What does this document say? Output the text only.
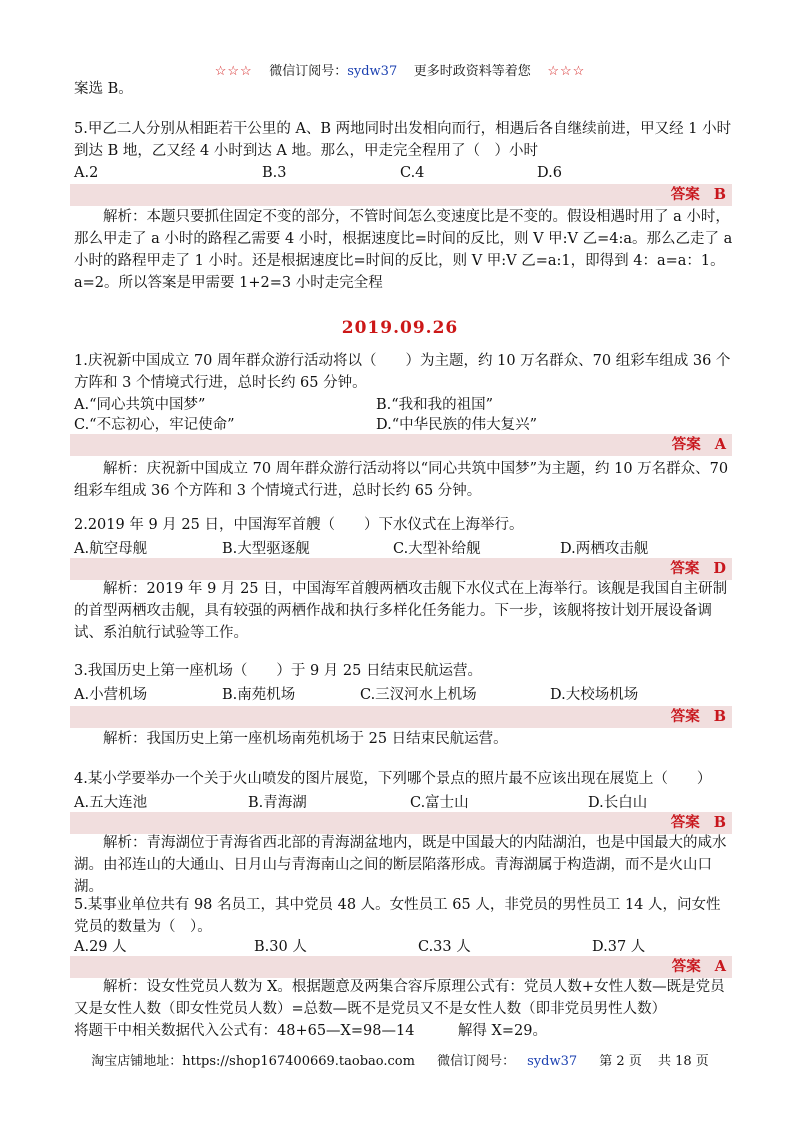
☆☆☆ 微信订阅号：sydw37 更多时政资料等着您 ☆☆☆
案选 B。
5.甲乙二人分别从相距若干公里的 A、B 两地同时出发相向而行，相遇后各自继续前进，甲又经 1 小时到达 B 地，乙又经 4 小时到达 A 地。那么，甲走完全程用了（　）小时
A.2	B.3	C.4	D.6
答案 B
解析：本题只要抓住固定不变的部分，不管时间怎么变速度比是不变的。假设相遇时用了 a 小时，那么甲走了 a 小时的路程乙需要 4 小时，根据速度比=时间的反比，则 V 甲:V 乙=4:a。那么乙走了 a 小时的路程甲走了 1 小时。还是根据速度比=时间的反比，则 V 甲:V 乙=a:1，即得到 4：a=a：1。a=2。所以答案是甲需要 1+2=3 小时走完全程
2019.09.26
1.庆祝新中国成立 70 周年群众游行活动将以（　　）为主题，约 10 万名群众、70 组彩车组成 36 个方阵和 3 个情境式行进，总时长约 65 分钟。
A.“同心共筑中国梦”	B.“我和我的祖国”
C.“不忘初心，牢记使命”	D.“中华民族的伟大复兴”
答案 A
解析：庆祝新中国成立 70 周年群众游行活动将以“同心共筑中国梦”为主题，约 10 万名群众、70 组彩车组成 36 个方阵和 3 个情境式行进，总时长约 65 分钟。
2.2019 年 9 月 25 日，中国海军首艘（　　）下水仪式在上海举行。
A.航空母舰	B.大型驱逐舰	C.大型补给舰	D.两栖攻击舰
答案 D
解析：2019 年 9 月 25 日，中国海军首艘两栖攻击舰下水仪式在上海举行。该舰是我国自主研制的首型两栖攻击舰，具有较强的两栖作战和执行多样化任务能力。下一步，该舰将按计划开展设备调试、系泊航行试验等工作。
3.我国历史上第一座机场（　　）于 9 月 25 日结束民航运营。
A.小营机场	B.南苑机场	C.三汊河水上机场	D.大校场机场
答案 B
解析：我国历史上第一座机场南苑机场于 25 日结束民航运营。
4.某小学要举办一个关于火山喷发的图片展览，下列哪个景点的照片最不应该出现在展览上（　　）
A.五大连池	B.青海湖	C.富士山	D.长白山
答案 B
解析：青海湖位于青海省西北部的青海湖盆地内，既是中国最大的内陆湖泊，也是中国最大的咸水湖。由祁连山的大通山、日月山与青海南山之间的断层陷落形成。青海湖属于构造湖，而不是火山口湖。
5.某事业单位共有 98 名员工，其中党员 48 人。女性员工 65 人，非党员的男性员工 14 人，问女性党员的数量为（　）。
A.29 人	B.30 人	C.33 人	D.37 人
答案 A
解析：设女性党员人数为 X。根据题意及两集合容斥原理公式有：党员人数+女性人数—既是党员又是女性人数（即女性党员人数）=总数—既不是党员又不是女性人数（即非党员男性人数）
将题干中相关数据代入公式有：48+65—X=98—14　　　解得 X=29。
淘宝店铺地址：https://shop167400669.taobao.com 微信订阅号： sydw37 第 2 页 共 18 页
